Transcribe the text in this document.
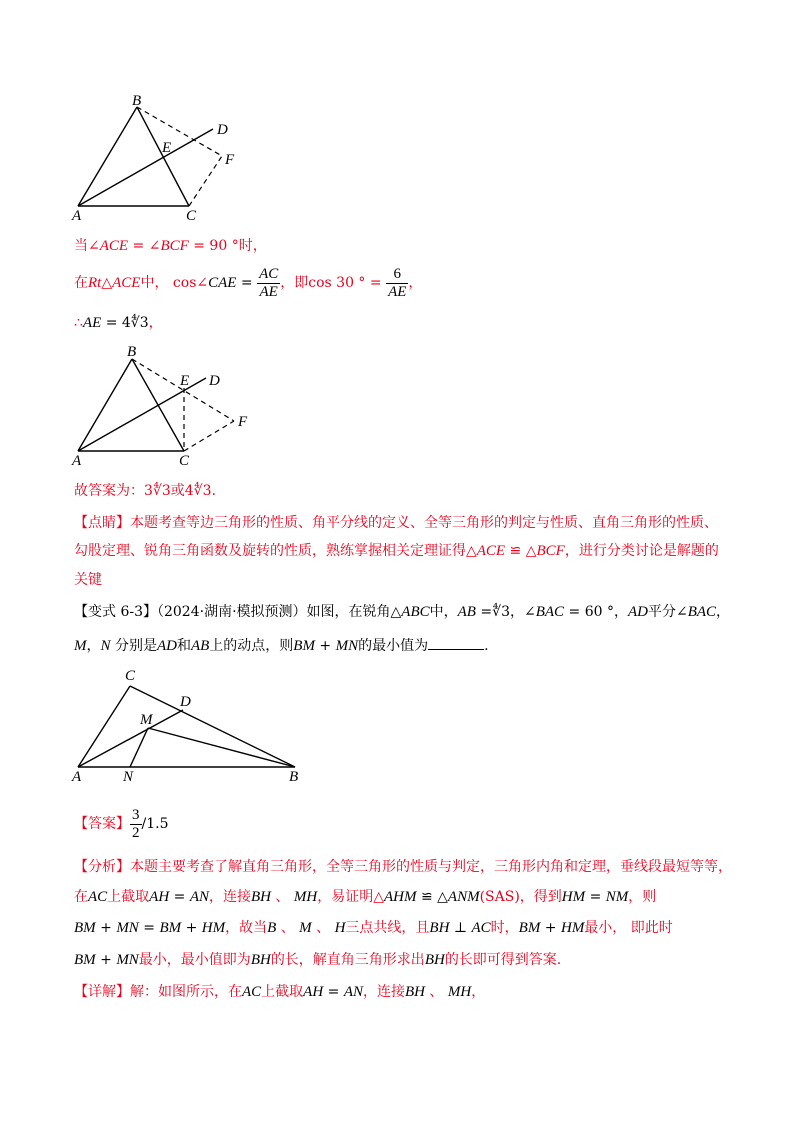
B
D
E
F
A	C
当∠ACE = ∠BCF = 90 °时，
在Rt△ACE中， cos∠CAE = $\frac{AC}{AE}$ ，即cos 30 ° = $\frac{6}{AE}$ ，
∴AE = 4∜3，
B
E D
F
A	C
故答案为：3∜3或4∜3.
【点睛】本题考查等边三角形的性质、角平分线的定义、全等三角形的判定与性质、直角三角形的性质、
勾股定理、锐角三角函数及旋转的性质，熟练掌握相关定理证得△ACE ≌ △BCF，进行分类讨论是解题的
关键
【变式 6-3】（2024·湖南·模拟预测）如图，在锐角△ABC中，AB =∜3，∠BAC = 60 °，AD平分∠BAC，
M，N 分别是AD和AB上的动点，则BM + MN的最小值为	.
C
D
M
A	N	B
【答案】 $\frac{3}{2} /1.5$
【分析】本题主要考查了解直角三角形，全等三角形的性质与判定，三角形内角和定理，垂线段最短等等，
在AC上截取AH = AN，连接BH 、 MH，易证明△AHM ≌ △ANM(SAS)，得到HM = NM，则
BM + MN = BM + HM，故当B 、 M 、 H三点共线，且BH ⊥ AC时，BM + HM最小， 即此时
BM + MN最小，最小值即为BH的长，解直角三角形求出BH的长即可得到答案.
【详解】解：如图所示，在AC上截取AH = AN，连接BH 、 MH，
